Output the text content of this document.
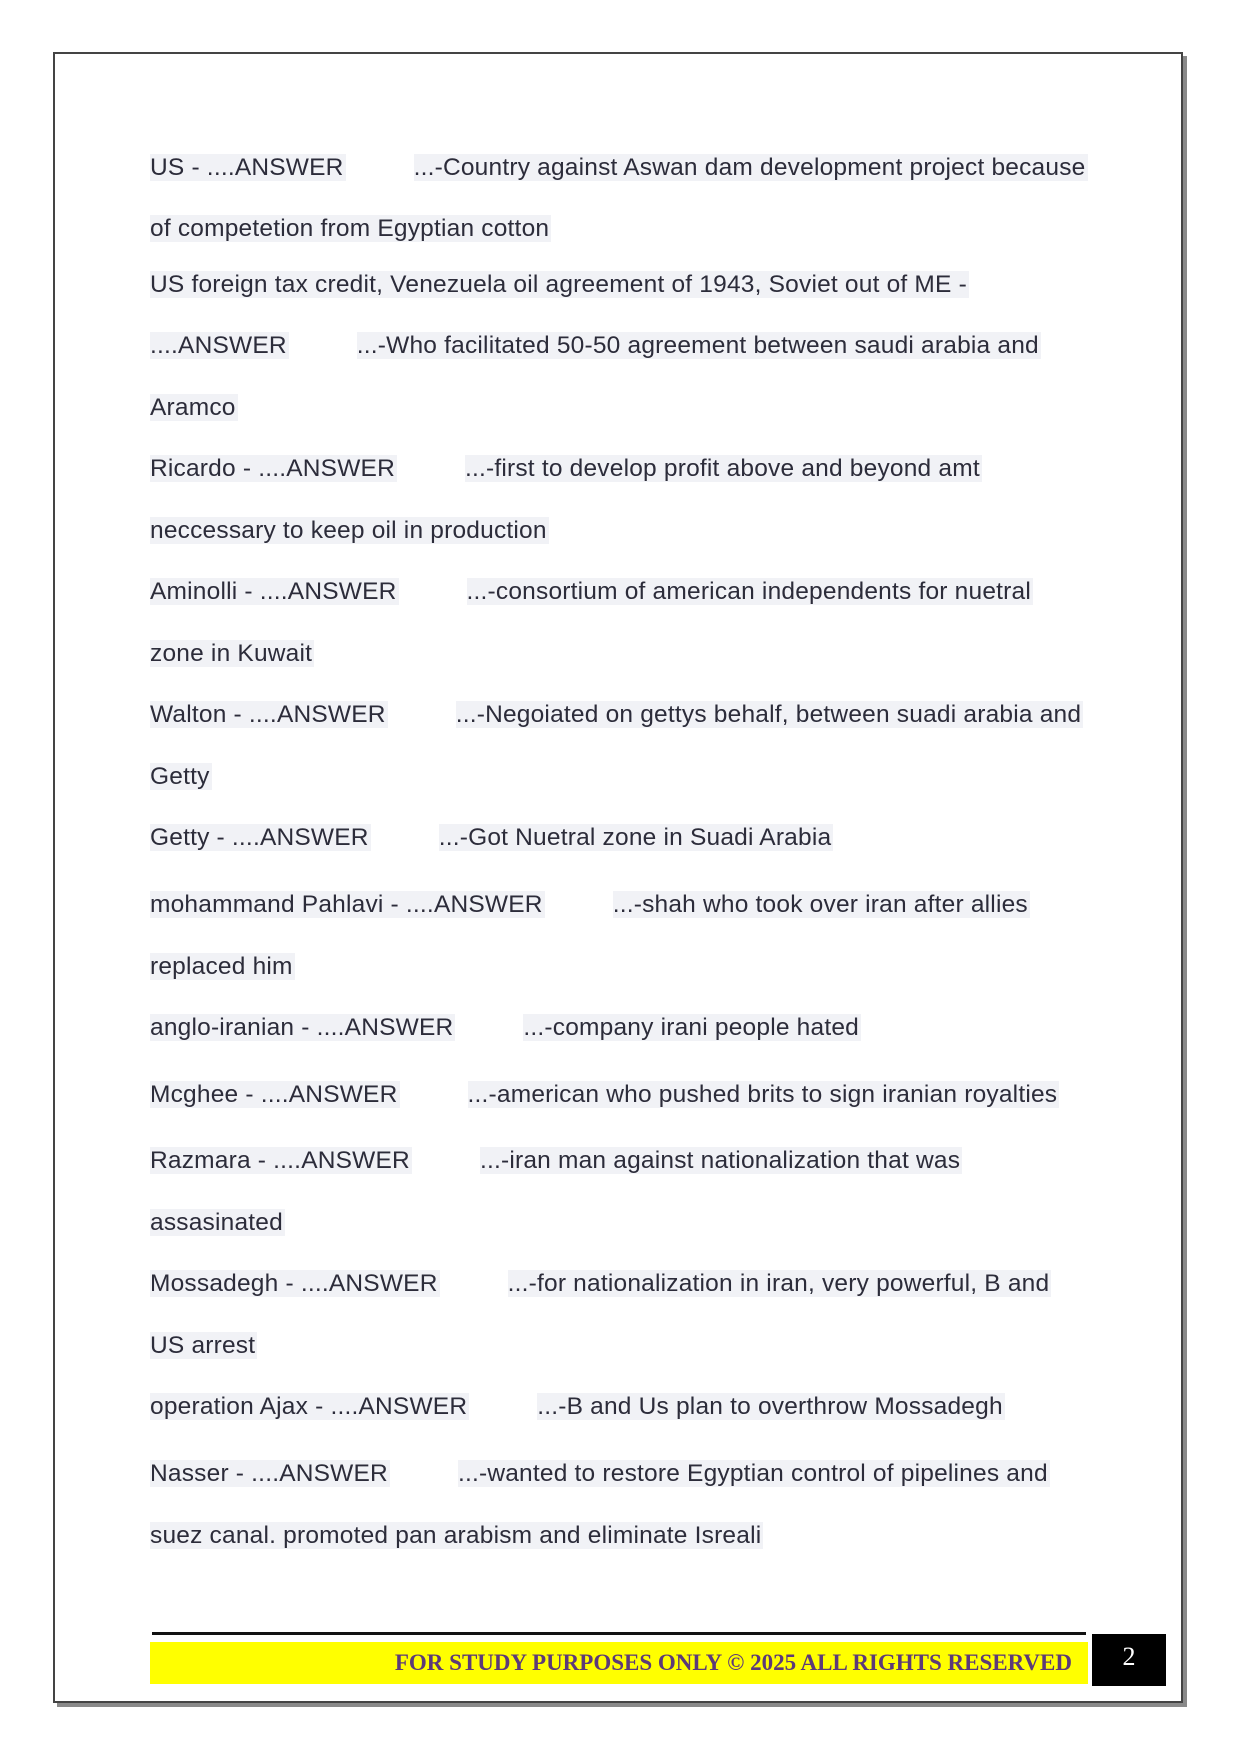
US - ....ANSWER	...-Country against Aswan dam development project because
of competetion from Egyptian cotton
US foreign tax credit, Venezuela oil agreement of 1943, Soviet out of ME -
....ANSWER	...-Who facilitated 50-50 agreement between saudi arabia and
Aramco
Ricardo - ....ANSWER	...-first to develop profit above and beyond amt
neccessary to keep oil in production
Aminolli - ....ANSWER	...-consortium of american independents for nuetral
zone in Kuwait
Walton - ....ANSWER	...-Negoiated on gettys behalf, between suadi arabia and
Getty
Getty - ....ANSWER	...-Got Nuetral zone in Suadi Arabia
mohammand Pahlavi - ....ANSWER	...-shah who took over iran after allies
replaced him
anglo-iranian - ....ANSWER	...-company irani people hated
Mcghee - ....ANSWER	...-american who pushed brits to sign iranian royalties
Razmara - ....ANSWER	...-iran man against nationalization that was
assasinated
Mossadegh - ....ANSWER	...-for nationalization in iran, very powerful, B and
US arrest
operation Ajax - ....ANSWER	...-B and Us plan to overthrow Mossadegh
Nasser - ....ANSWER	...-wanted to restore Egyptian control of pipelines and
suez canal. promoted pan arabism and eliminate Isreali
FOR STUDY PURPOSES ONLY © 2025 ALL RIGHTS RESERVED	2
